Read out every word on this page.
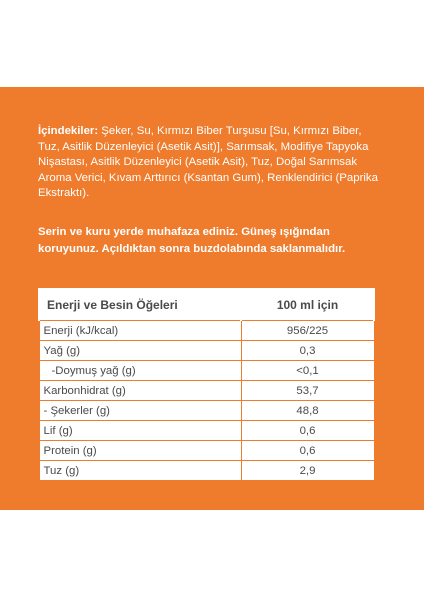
İçindekiler: Şeker, Su, Kırmızı Biber Turşusu [Su, Kırmızı Biber, Tuz, Asitlik Düzenleyici (Asetik Asit)], Sarımsak, Modifiye Tapyoka Nişastası, Asitlik Düzenleyici (Asetik Asit), Tuz, Doğal Sarımsak Aroma Verici, Kıvam Arttırıcı (Ksantan Gum), Renklendirici (Paprika Ekstraktı).

Serin ve kuru yerde muhafaza ediniz. Güneş ışığından koruyunuz. Açıldıktan sonra buzdolabında saklanmalıdır.

Enerji ve Besin Öğeleri	100 ml için
Enerji (kJ/kcal)	956/225
Yağ (g)	0,3
-Doymuş yağ (g)	<0,1
Karbonhidrat (g)	53,7
- Şekerler (g)	48,8
Lif (g)	0,6
Protein (g)	0,6
Tuz (g)	2,9
